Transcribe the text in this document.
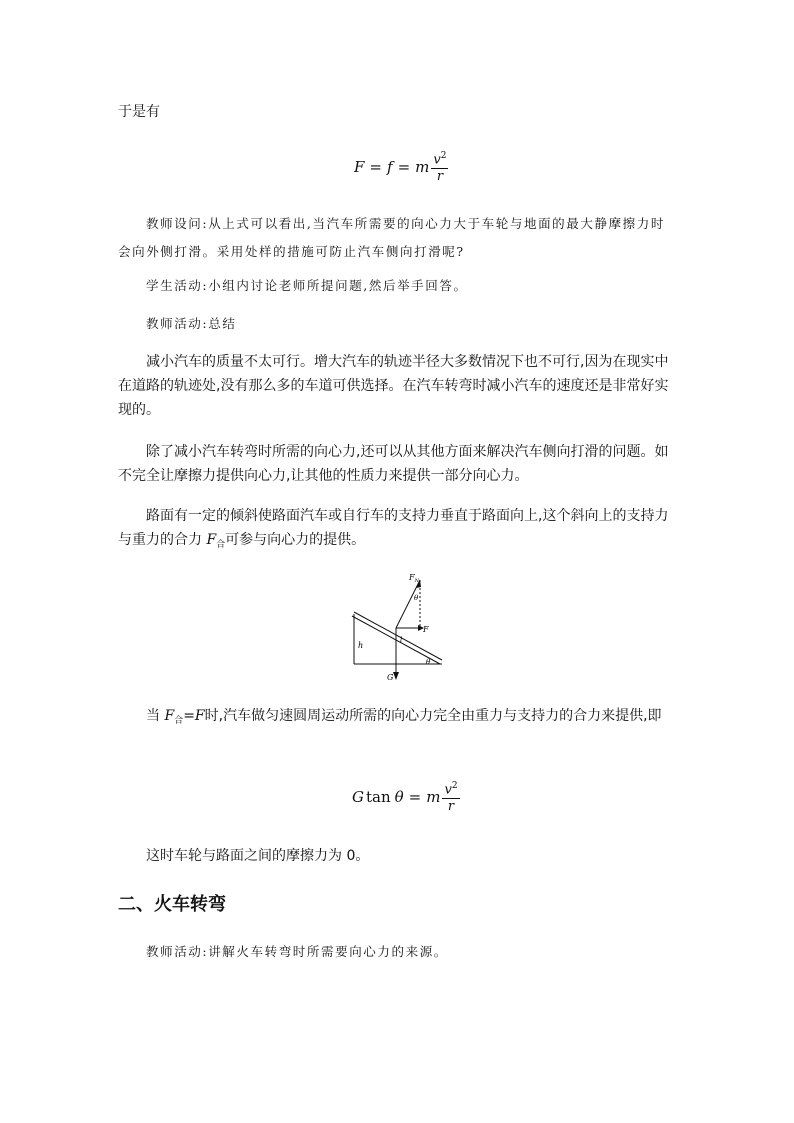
于是有
F = f = m $\frac{v^2}{r}$
教师设问:从上式可以看出,当汽车所需要的向心力大于车轮与地面的最大静摩擦力时
会向外侧打滑。采用处样的措施可防止汽车侧向打滑呢?
学生活动:小组内讨论老师所提问题,然后举手回答。
教师活动:总结
减小汽车的质量不太可行。增大汽车的轨迹半径大多数情况下也不可行,因为在现实中在道路的轨迹处,没有那么多的车道可供选择。在汽车转弯时减小汽车的速度还是非常好实现的。
除了减小汽车转弯时所需的向心力,还可以从其他方面来解决汽车侧向打滑的问题。如不完全让摩擦力提供向心力,让其他的性质力来提供一部分向心力。
路面有一定的倾斜使路面汽车或自行车的支持力垂直于路面向上,这个斜向上的支持力与重力的合力 $F_合$可参与向心力的提供。
$F_N$
θ
F
l
h
G
θ
当 $F_合=F$时,汽车做匀速圆周运动所需的向心力完全由重力与支持力的合力来提供,即
G tan θ = m $\frac{v^2}{r}$
这时车轮与路面之间的摩擦力为 0。
二、火车转弯
教师活动:讲解火车转弯时所需要向心力的来源。
